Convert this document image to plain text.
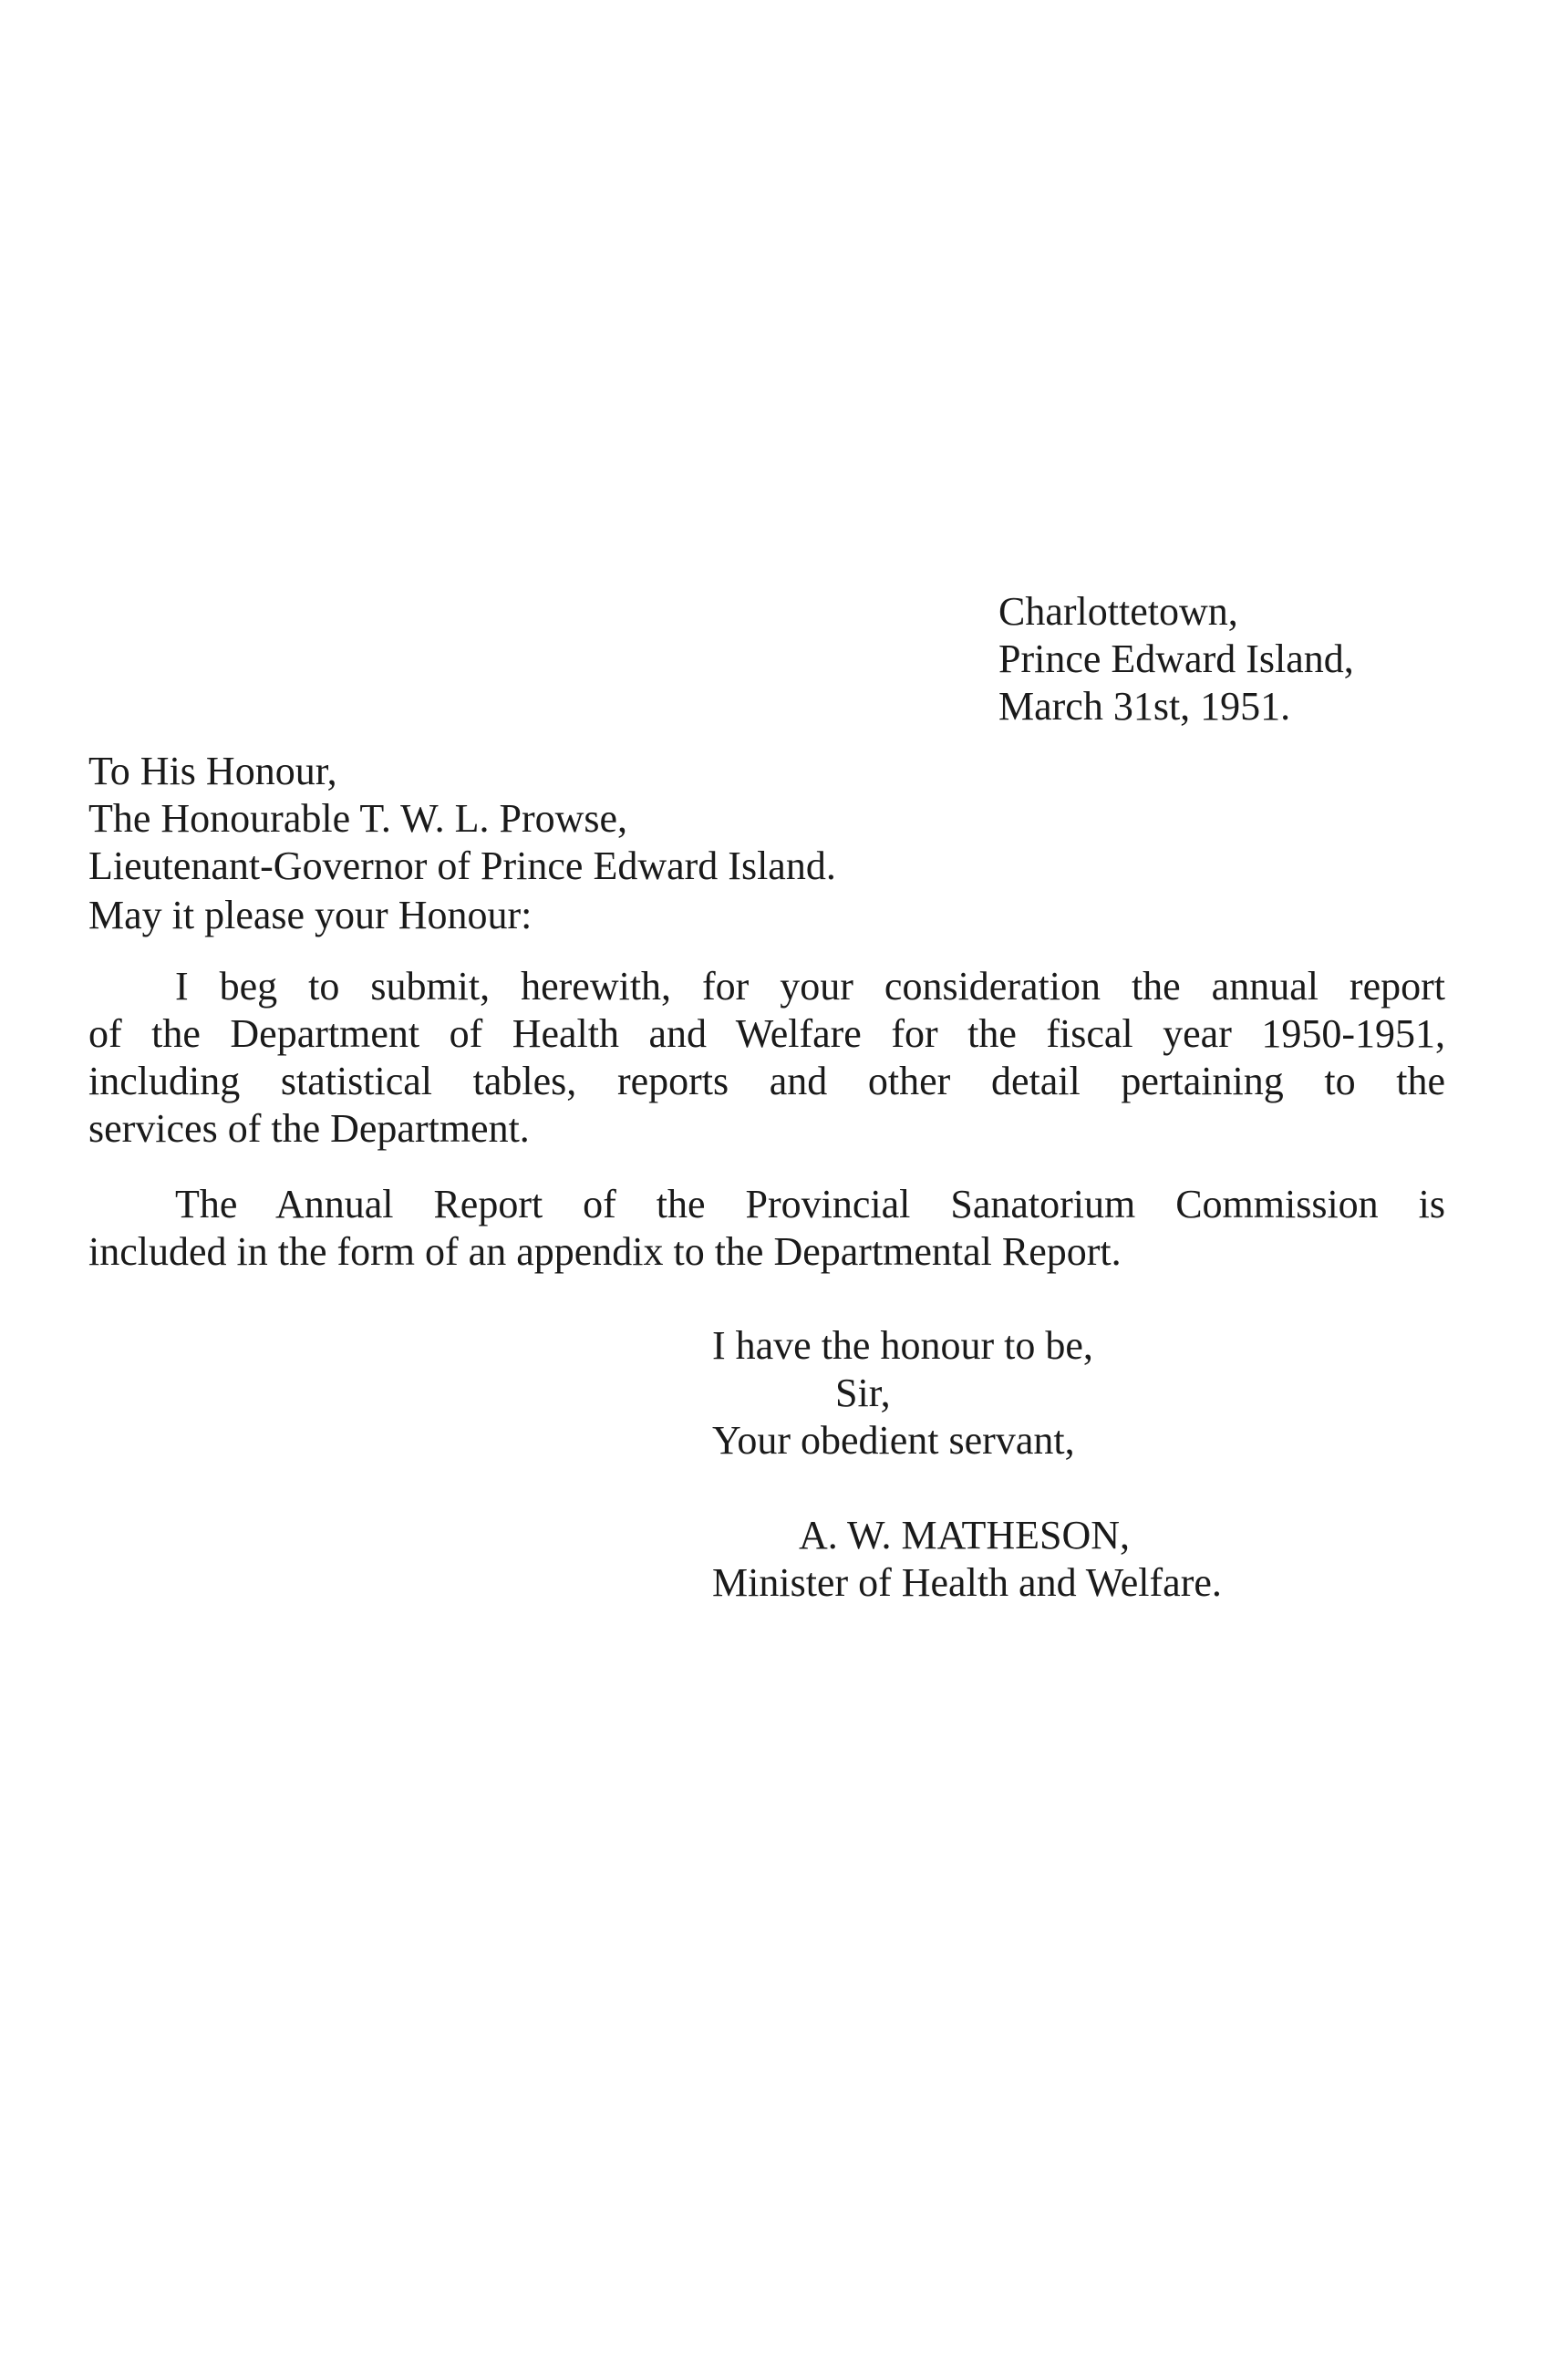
Charlottetown,
Prince Edward Island,
March 31st, 1951.
To His Honour,
The Honourable T. W. L. Prowse,
Lieutenant-Governor of Prince Edward Island.
May it please your Honour:
I beg to submit, herewith, for your consideration the annual report
of the Department of Health and Welfare for the fiscal year 1950-1951,
including statistical tables, reports and other detail pertaining to the
services of the Department.
The Annual Report of the Provincial Sanatorium Commission is
included in the form of an appendix to the Departmental Report.
I have the honour to be,
Sir,
Your obedient servant,
A. W. MATHESON,
Minister of Health and Welfare.
